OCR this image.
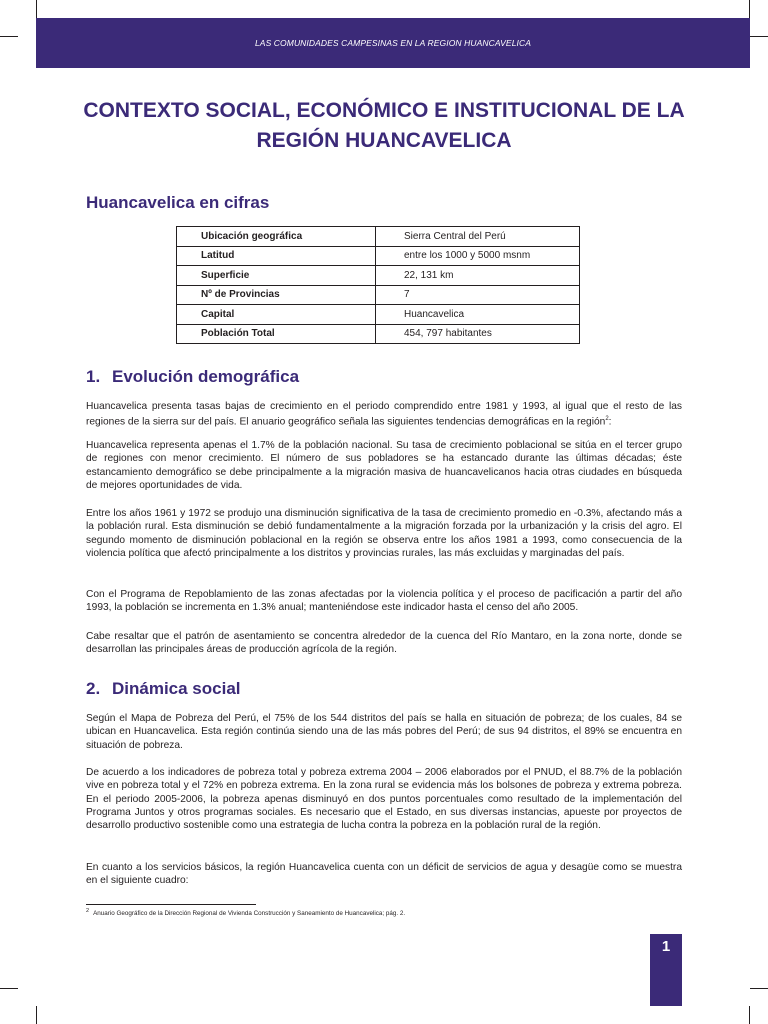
LAS COMUNIDADES CAMPESINAS EN LA REGION HUANCAVELICA
CONTEXTO SOCIAL, ECONÓMICO E INSTITUCIONAL DE LA REGIÓN HUANCAVELICA
Huancavelica en cifras
Ubicación geográfica	Sierra Central del Perú
Latitud	entre los 1000 y 5000 msnm
Superficie	22, 131 km
Nº de Provincias	7
Capital	Huancavelica
Población Total	454, 797 habitantes
1. Evolución demográfica

Huancavelica presenta tasas bajas de crecimiento en el periodo comprendido entre 1981 y 1993, al igual que el resto de las regiones de la sierra sur del país. El anuario geográfico señala las siguientes tendencias demográficas en la región$^2$:

Huancavelica representa apenas el 1.7% de la población nacional. Su tasa de crecimiento poblacional se sitúa en el tercer grupo de regiones con menor crecimiento. El número de sus pobladores se ha estancado durante las últimas décadas; éste estancamiento demográfico se debe principalmente a la migración masiva de huancavelicanos hacia otras ciudades en búsqueda de mejores oportunidades de vida.

Entre los años 1961 y 1972 se produjo una disminución significativa de la tasa de crecimiento promedio en -0.3%, afectando más a la población rural. Esta disminución se debió fundamentalmente a la migración forzada por la urbanización y la crisis del agro. El segundo momento de disminución poblacional en la región se observa entre los años 1981 a 1993, como consecuencia de la violencia política que afectó principalmente a los distritos y provincias rurales, las más excluidas y marginadas del país.

Con el Programa de Repoblamiento de las zonas afectadas por la violencia política y el proceso de pacificación a partir del año 1993, la población se incrementa en 1.3% anual; manteniéndose este indicador hasta el censo del año 2005.

Cabe resaltar que el patrón de asentamiento se concentra alrededor de la cuenca del Río Mantaro, en la zona norte, donde se desarrollan las principales áreas de producción agrícola de la región.

2. Dinámica social

Según el Mapa de Pobreza del Perú, el 75% de los 544 distritos del país se halla en situación de pobreza; de los cuales, 84 se ubican en Huancavelica. Esta región continúa siendo una de las más pobres del Perú; de sus 94 distritos, el 89% se encuentra en situación de pobreza.

De acuerdo a los indicadores de pobreza total y pobreza extrema 2004 – 2006 elaborados por el PNUD, el 88.7% de la población vive en pobreza total y el 72% en pobreza extrema. En la zona rural se evidencia más los bolsones de pobreza y extrema pobreza. En el periodo 2005-2006, la pobreza apenas disminuyó en dos puntos porcentuales como resultado de la implementación del Programa Juntos y otros programas sociales. Es necesario que el Estado, en sus diversas instancias, apueste por proyectos de desarrollo productivo sostenible como una estrategia de lucha contra la pobreza en la población rural de la región.

En cuanto a los servicios básicos, la región Huancavelica cuenta con un déficit de servicios de agua y desagüe como se muestra en el siguiente cuadro:

$^2$ Anuario Geográfico de la Dirección Regional de Vivienda Construcción y Saneamiento de Huancavelica; pág. 2.

1
